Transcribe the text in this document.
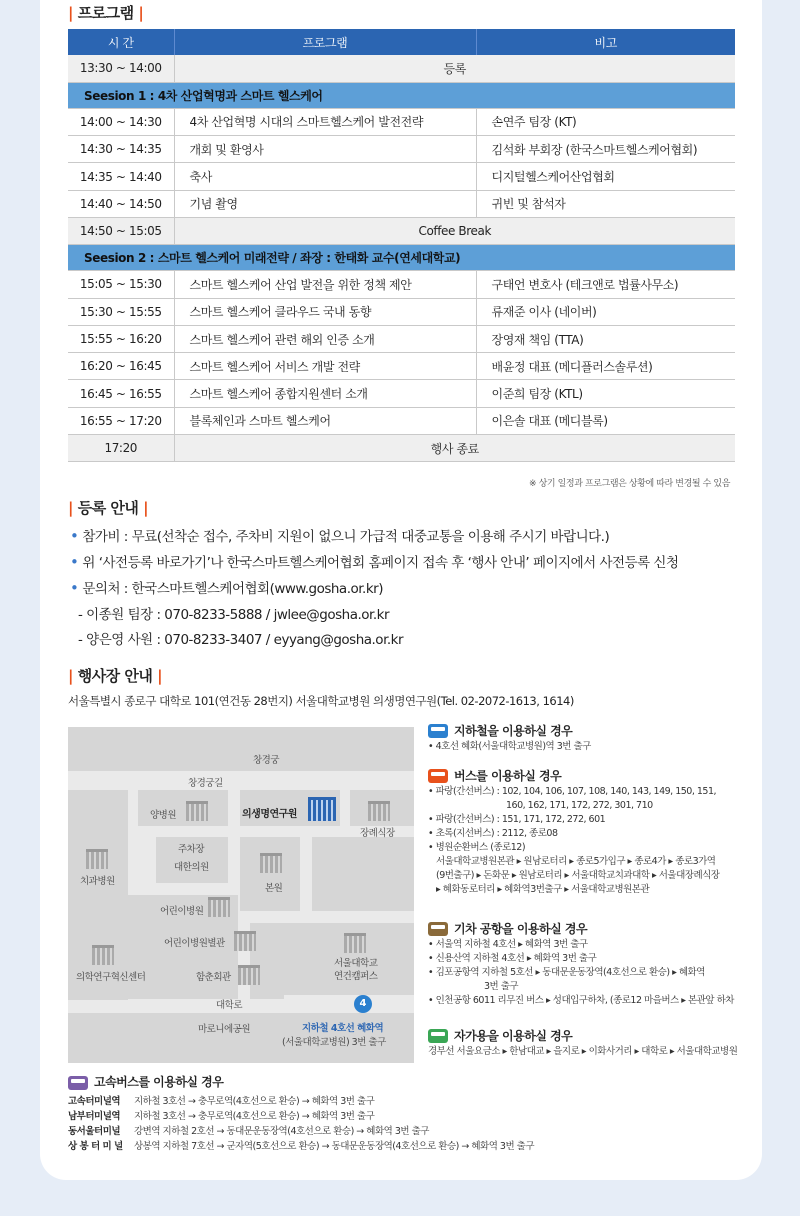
| 프로그램 |
시 간	프로그램	비고
13:30 ~ 14:00	등록	
Seesion 1 : 4차 산업혁명과 스마트 헬스케어		
14:00 ~ 14:30	4차 산업혁명 시대의 스마트헬스케어 발전전략	손연주 팀장 (KT)
14:30 ~ 14:35	개회 및 환영사	김석화 부회장 (한국스마트헬스케어협회)
14:35 ~ 14:40	축사	디지털헬스케어산업협회
14:40 ~ 14:50	기념 촬영	귀빈 및 참석자
14:50 ~ 15:05	Coffee Break	
Seesion 2 : 스마트 헬스케어 미래전략 / 좌장 : 한태화 교수(연세대학교)		
15:05 ~ 15:30	스마트 헬스케어 산업 발전을 위한 정책 제안	구태언 변호사 (테크앤로 법률사무소)
15:30 ~ 15:55	스마트 헬스케어 클라우드 국내 동향	류재준 이사 (네이버)
15:55 ~ 16:20	스마트 헬스케어 관련 해외 인증 소개	장영재 책임 (TTA)
16:20 ~ 16:45	스마트 헬스케어 서비스 개발 전략	배윤정 대표 (메디플러스솔루션)
16:45 ~ 16:55	스마트 헬스케어 종합지원센터 소개	이준희 팀장 (KTL)
16:55 ~ 17:20	블록체인과 스마트 헬스케어	이은솔 대표 (메디블록)
17:20	행사 종료	
※ 상기 일정과 프로그램은 상황에 따라 변경될 수 있음
| 등록 안내 |
• 참가비 : 무료(선착순 접수, 주차비 지원이 없으니 가급적 대중교통을 이용해 주시기 바랍니다.)
• 위 ‘사전등록 바로가기’나 한국스마트헬스케어협회 홈페이지 접속 후 ‘행사 안내’ 페이지에서 사전등록 신청
• 문의처 : 한국스마트헬스케어협회(www.gosha.or.kr)
- 이종원 팀장 : 070-8233-5888 / jwlee@gosha.or.kr
- 양은영 사원 : 070-8233-3407 / eyyang@gosha.or.kr
| 행사장 안내 |
서울특별시 종로구 대학로 101(연건동 28번지) 서울대학교병원 의생명연구원(Tel. 02-2072-1613, 1614)
창경궁
창경궁길
양병원	의생명연구원
장례식장
치과병원
주차장
대한의원
본원
어린이병원
어린이병원별관
의학연구혁신센터	함춘회관
서울대학교
연건캠퍼스
대학로	4
마로니에공원	지하철 4호선 혜화역
(서울대학교병원) 3번 출구
지하철을 이용하실 경우
• 4호선 혜화(서울대학교병원)역 3번 출구
버스를 이용하실 경우
• 파랑(간선버스) : 102, 104, 106, 107, 108, 140, 143, 149, 150, 151,
160, 162, 171, 172, 272, 301, 710
• 파랑(간선버스) : 151, 171, 172, 272, 601
• 초록(지선버스) : 2112, 종로08
• 병원순환버스 (종로12)
서울대학교병원본관 ▸ 원남로터리 ▸ 종로5가입구 ▸ 종로4가 ▸ 종로3가역
(9번출구) ▸ 돈화문 ▸ 원남로터리 ▸ 서울대학교치과대학 ▸ 서울대장례식장
▸ 혜화동로터리 ▸ 혜화역3번출구 ▸ 서울대학교병원본관
기차 공항을 이용하실 경우
• 서울역 지하철 4호선 ▸ 혜화역 3번 출구
• 신용산역 지하철 4호선 ▸ 혜화역 3번 출구
• 김포공항역 지하철 5호선 ▸ 동대문운동장역(4호선으로 환승) ▸ 혜화역
3번 출구
• 인천공항 6011 리무진 버스 ▸ 성대입구하차, (종로12 마을버스 ▸ 본관앞 하차
자가용을 이용하실 경우
경부선 서울요금소 ▸ 한남대교 ▸ 을지로 ▸ 이화사거리 ▸ 대학로 ▸ 서울대학교병원
고속버스를 이용하실 경우
고속터미널역 지하철 3호선 → 충무로역(4호선으로 환승) → 혜화역 3번 출구
남부터미널역 지하철 3호선 → 충무로역(4호선으로 환승) → 혜화역 3번 출구
동서울터미널 강변역 지하철 2호선 → 동대문운동장역(4호선으로 환승) → 혜화역 3번 출구
상 봉 터 미 널 상봉역 지하철 7호선 → 군자역(5호선으로 환승) → 동대문운동장역(4호선으로 환승) → 혜화역 3번 출구
